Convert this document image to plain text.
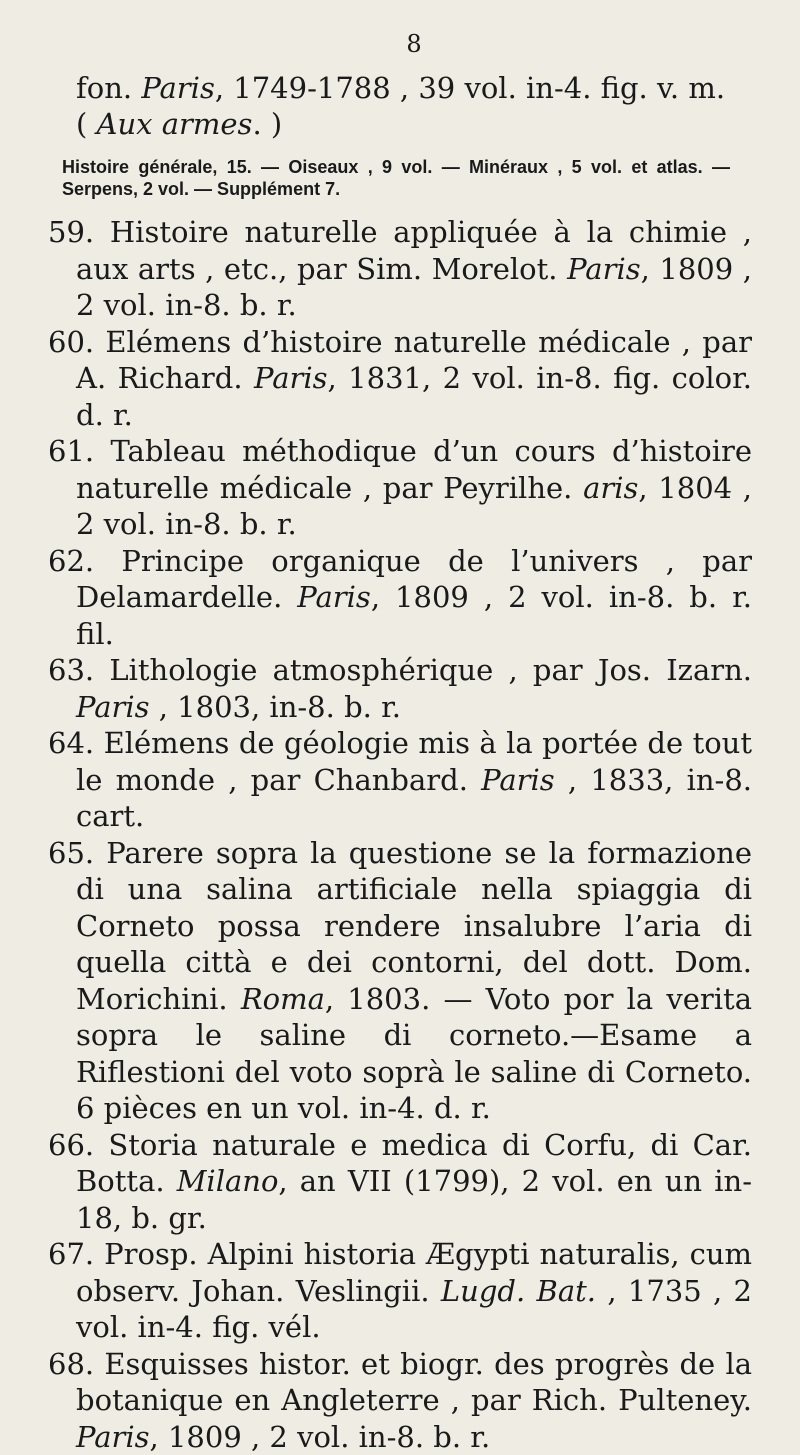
8
fon. Paris, 1749-1788 , 39 vol. in-4. fig. v. m. ( Aux armes. )
Histoire générale, 15. — Oiseaux , 9 vol. — Minéraux , 5 vol. et atlas. — Serpens, 2 vol. — Supplément 7.
59. Histoire naturelle appliquée à la chimie , aux arts , etc., par Sim. Morelot. Paris, 1809 , 2 vol. in-8. b. r.
60. Elémens d’histoire naturelle médicale , par A. Richard. Paris, 1831, 2 vol. in-8. fig. color. d. r.
61. Tableau méthodique d’un cours d’histoire naturelle médicale , par Peyrilhe. aris, 1804 , 2 vol. in-8. b. r.
62. Principe organique de l’univers , par Delamardelle. Paris, 1809 , 2 vol. in-8. b. r. fil.
63. Lithologie atmosphérique , par Jos. Izarn. Paris , 1803, in-8. b. r.
64. Elémens de géologie mis à la portée de tout le monde , par Chanbard. Paris , 1833, in-8. cart.
65. Parere sopra la questione se la formazione di una salina artificiale nella spiaggia di Corneto possa rendere insalubre l’aria di quella città e dei contorni, del dott. Dom. Morichini. Roma, 1803. — Voto por la verita sopra le saline di corneto.—Esame a Riflestioni del voto soprà le saline di Corneto. 6 pièces en un vol. in-4. d. r.
66. Storia naturale e medica di Corfu, di Car. Botta. Milano, an VII (1799), 2 vol. en un in-18, b. gr.
67. Prosp. Alpini historia Ægypti naturalis, cum observ. Johan. Veslingii. Lugd. Bat. , 1735 , 2 vol. in-4. fig. vél.
68. Esquisses histor. et biogr. des progrès de la botanique en Angleterre , par Rich. Pulteney. Paris, 1809 , 2 vol. in-8. b. r.
